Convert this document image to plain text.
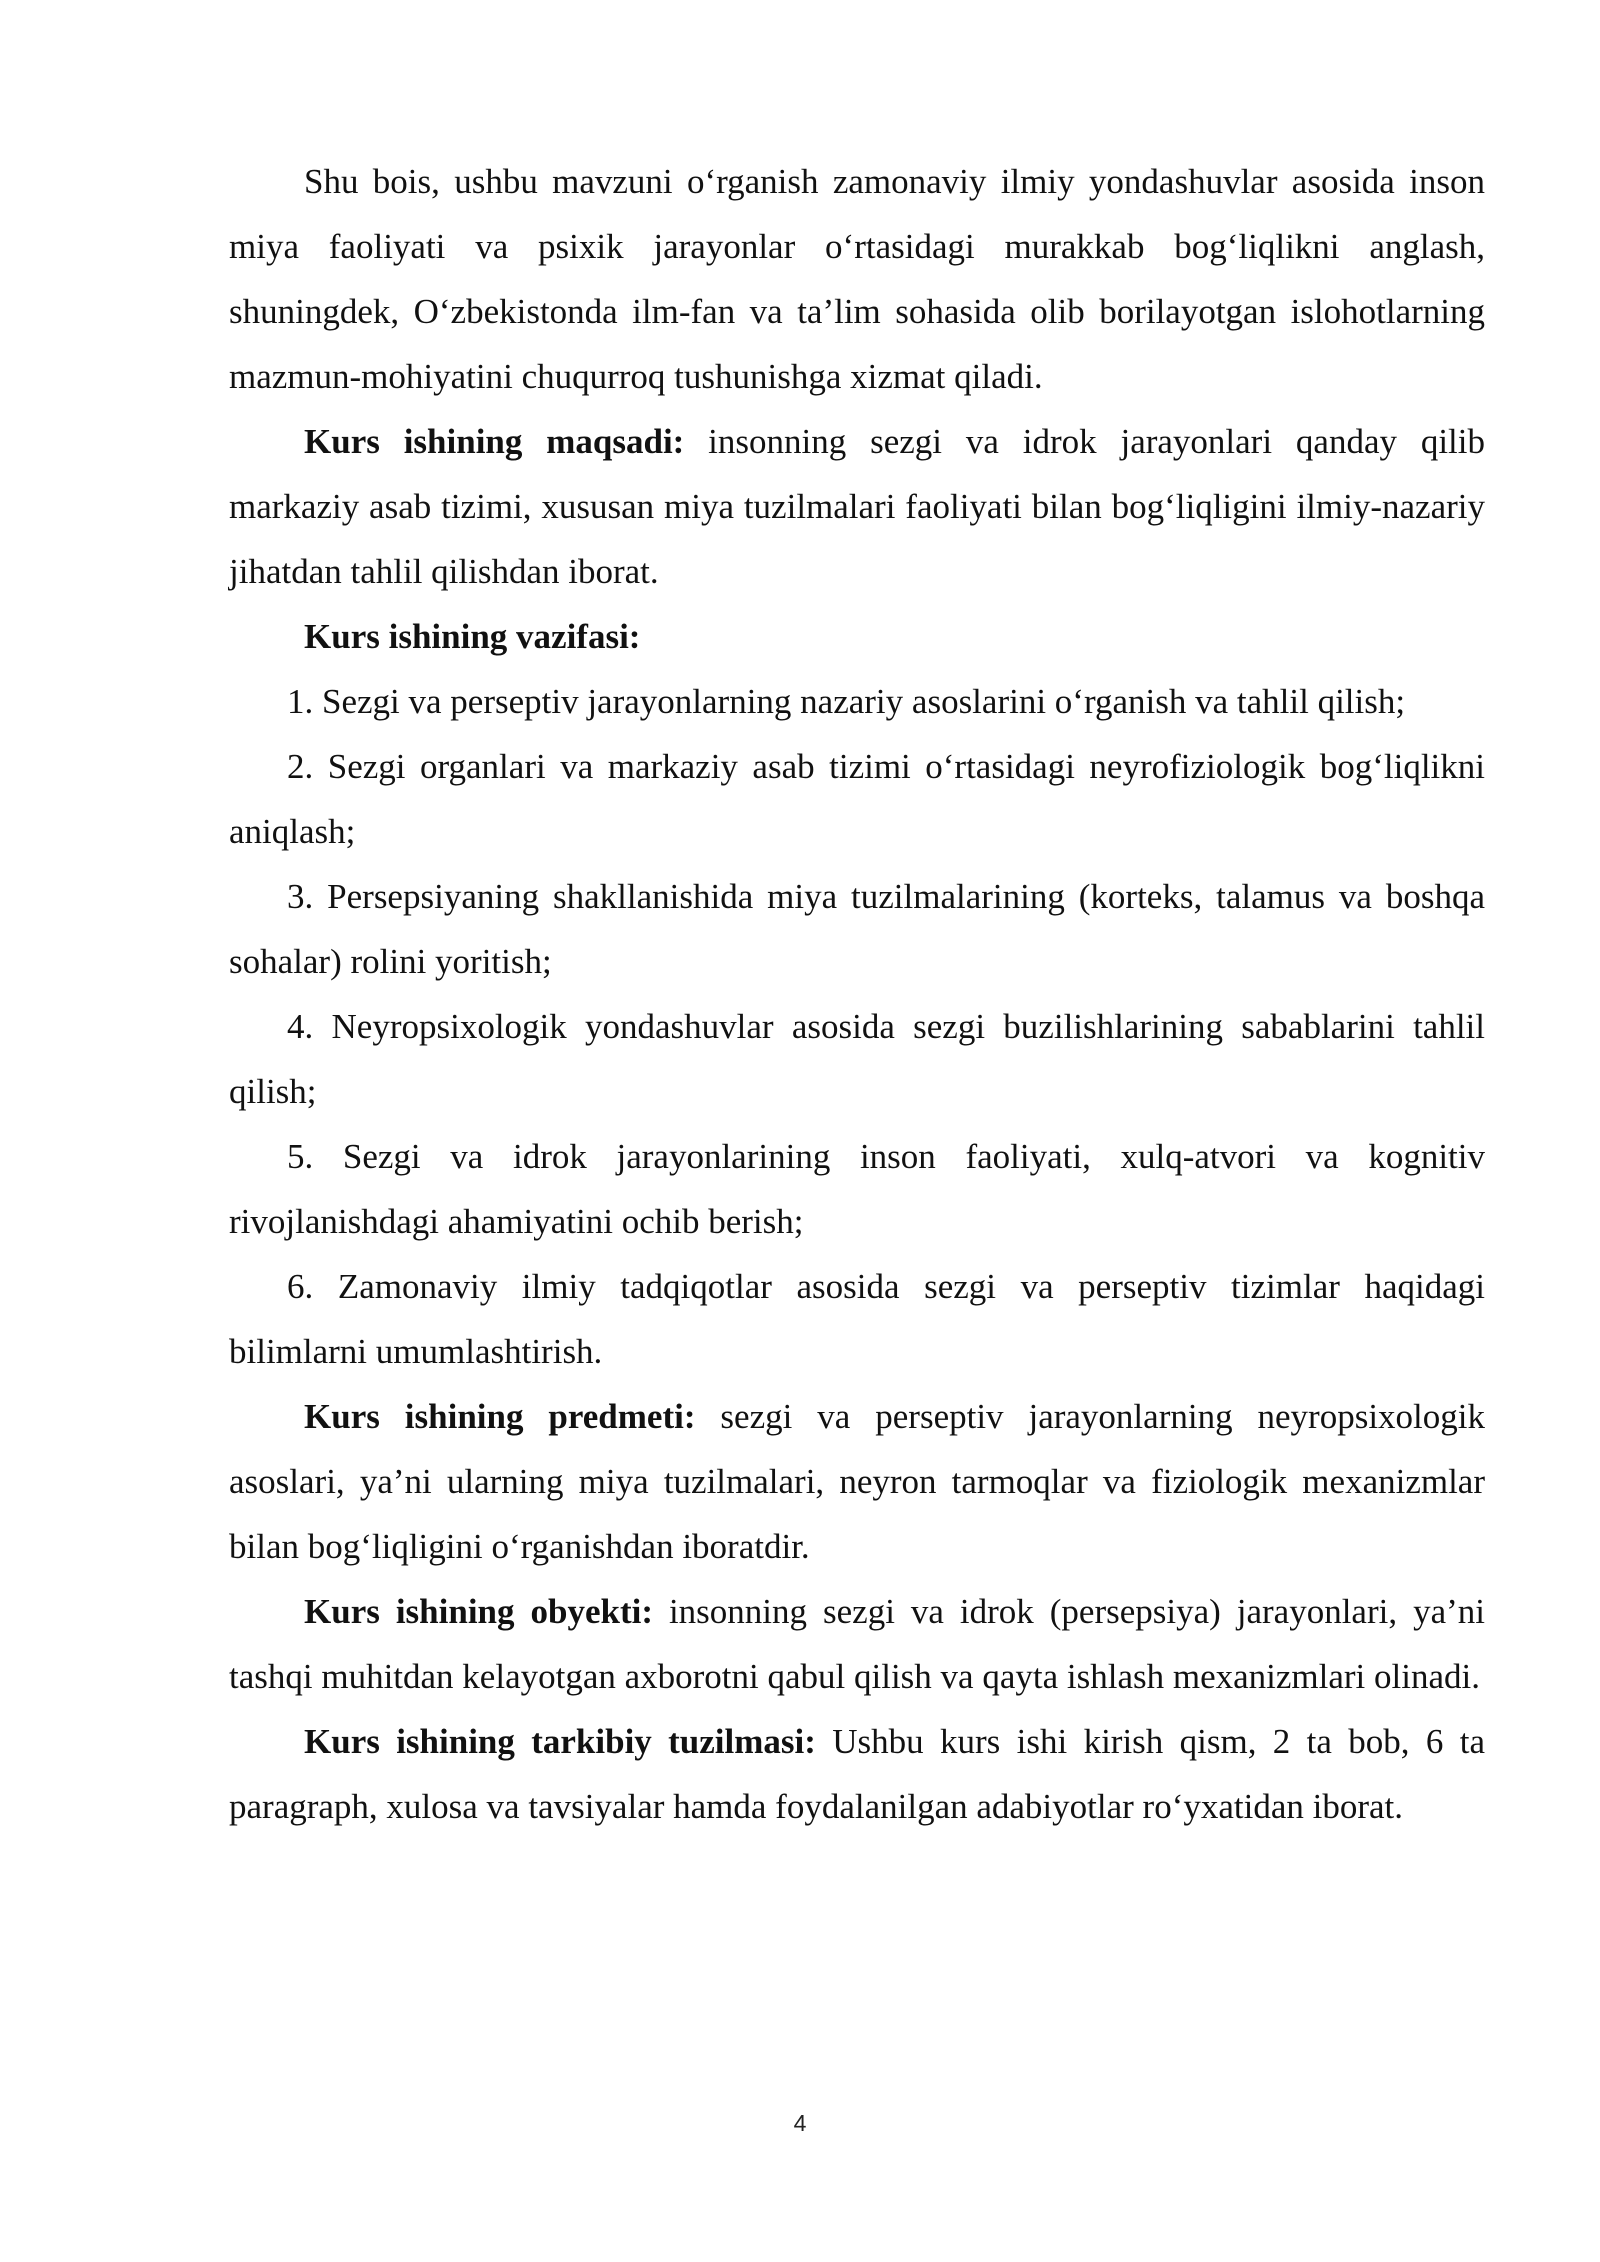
Shu bois, ushbu mavzuni o‘rganish zamonaviy ilmiy yondashuvlar asosida inson miya faoliyati va psixik jarayonlar o‘rtasidagi murakkab bog‘liqlikni anglash, shuningdek, O‘zbekistonda ilm-fan va ta’lim sohasida olib borilayotgan islohotlarning mazmun-mohiyatini chuqurroq tushunishga xizmat qiladi.

Kurs ishining maqsadi: insonning sezgi va idrok jarayonlari qanday qilib markaziy asab tizimi, xususan miya tuzilmalari faoliyati bilan bog‘liqligini ilmiy-nazariy jihatdan tahlil qilishdan iborat.

Kurs ishining vazifasi:

1. Sezgi va perseptiv jarayonlarning nazariy asoslarini o‘rganish va tahlil qilish;

2. Sezgi organlari va markaziy asab tizimi o‘rtasidagi neyrofiziologik bog‘liqlikni aniqlash;

3. Persepsiyaning shakllanishida miya tuzilmalarining (korteks, talamus va boshqa sohalar) rolini yoritish;

4. Neyropsixologik yondashuvlar asosida sezgi buzilishlarining sabablarini tahlil qilish;

5. Sezgi va idrok jarayonlarining inson faoliyati, xulq-atvori va kognitiv rivojlanishdagi ahamiyatini ochib berish;

6. Zamonaviy ilmiy tadqiqotlar asosida sezgi va perseptiv tizimlar haqidagi bilimlarni umumlashtirish.

Kurs ishining predmeti: sezgi va perseptiv jarayonlarning neyropsixologik asoslari, ya’ni ularning miya tuzilmalari, neyron tarmoqlar va fiziologik mexanizmlar bilan bog‘liqligini o‘rganishdan iboratdir.

Kurs ishining obyekti: insonning sezgi va idrok (persepsiya) jarayonlari, ya’ni tashqi muhitdan kelayotgan axborotni qabul qilish va qayta ishlash mexanizmlari olinadi.

Kurs ishining tarkibiy tuzilmasi: Ushbu kurs ishi kirish qism, 2 ta bob, 6 ta paragraph, xulosa va tavsiyalar hamda foydalanilgan adabiyotlar ro‘yxatidan iborat.

4
